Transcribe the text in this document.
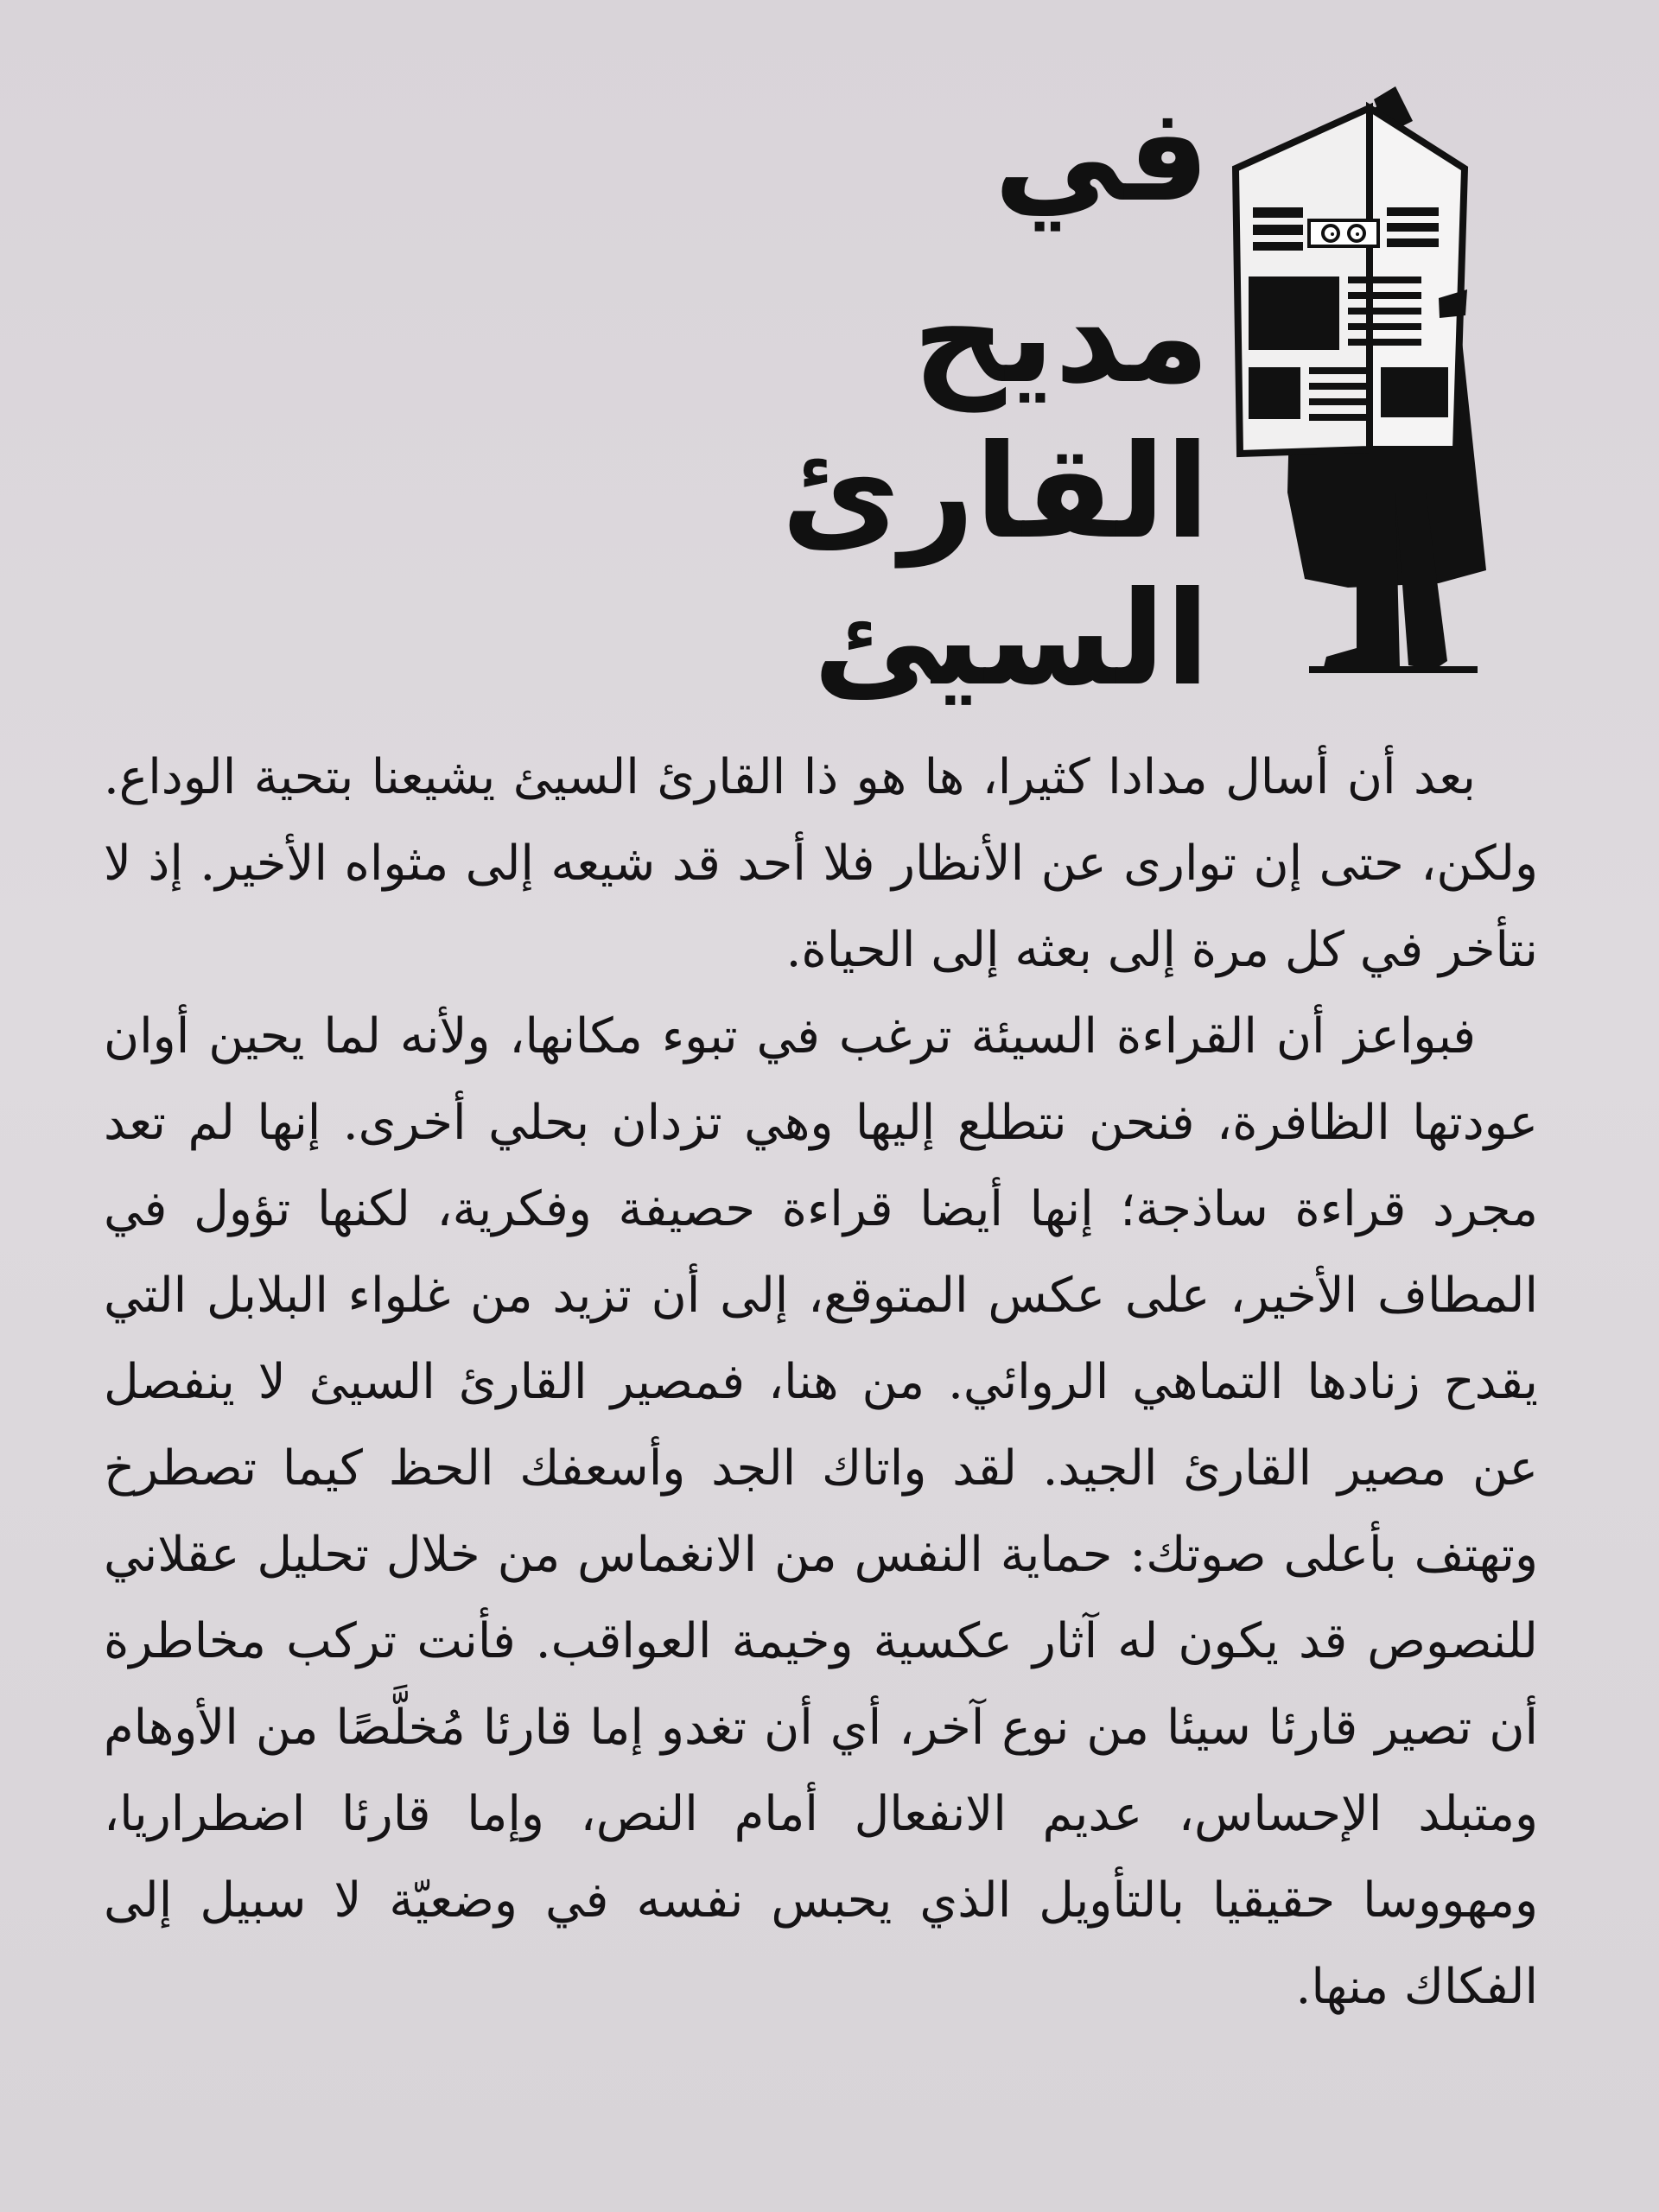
في
مديح
القارئ
السيئ

بعد أن أسال مدادا كثيرا، ها هو ذا القارئ السيئ يشيعنا بتحية الوداع. ولكن، حتى إن توارى عن الأنظار فلا أحد قد شيعه إلى مثواه الأخير. إذ لا نتأخر في كل مرة إلى بعثه إلى الحياة.

فبواعز أن القراءة السيئة ترغب في تبوء مكانها، ولأنه لما يحين أوان عودتها الظافرة، فنحن نتطلع إليها وهي تزدان بحلي أخرى. إنها لم تعد مجرد قراءة ساذجة؛ إنها أيضا قراءة حصيفة وفكرية، لكنها تؤول في المطاف الأخير، على عكس المتوقع، إلى أن تزيد من غلواء البلابل التي يقدح زنادها التماهي الروائي. من هنا، فمصير القارئ السيئ لا ينفصل عن مصير القارئ الجيد. لقد واتاك الجد وأسعفك الحظ كيما تصطرخ وتهتف بأعلى صوتك: حماية النفس من الانغماس من خلال تحليل عقلاني للنصوص قد يكون له آثار عكسية وخيمة العواقب. فأنت تركب مخاطرة أن تصير قارئا سيئا من نوع آخر، أي أن تغدو إما قارئا مُخلَّصًا من الأوهام ومتبلد الإحساس، عديم الانفعال أمام النص، وإما قارئا اضطراريا، ومهووسا حقيقيا بالتأويل الذي يحبس نفسه في وضعيّة لا سبيل إلى الفكاك منها.
